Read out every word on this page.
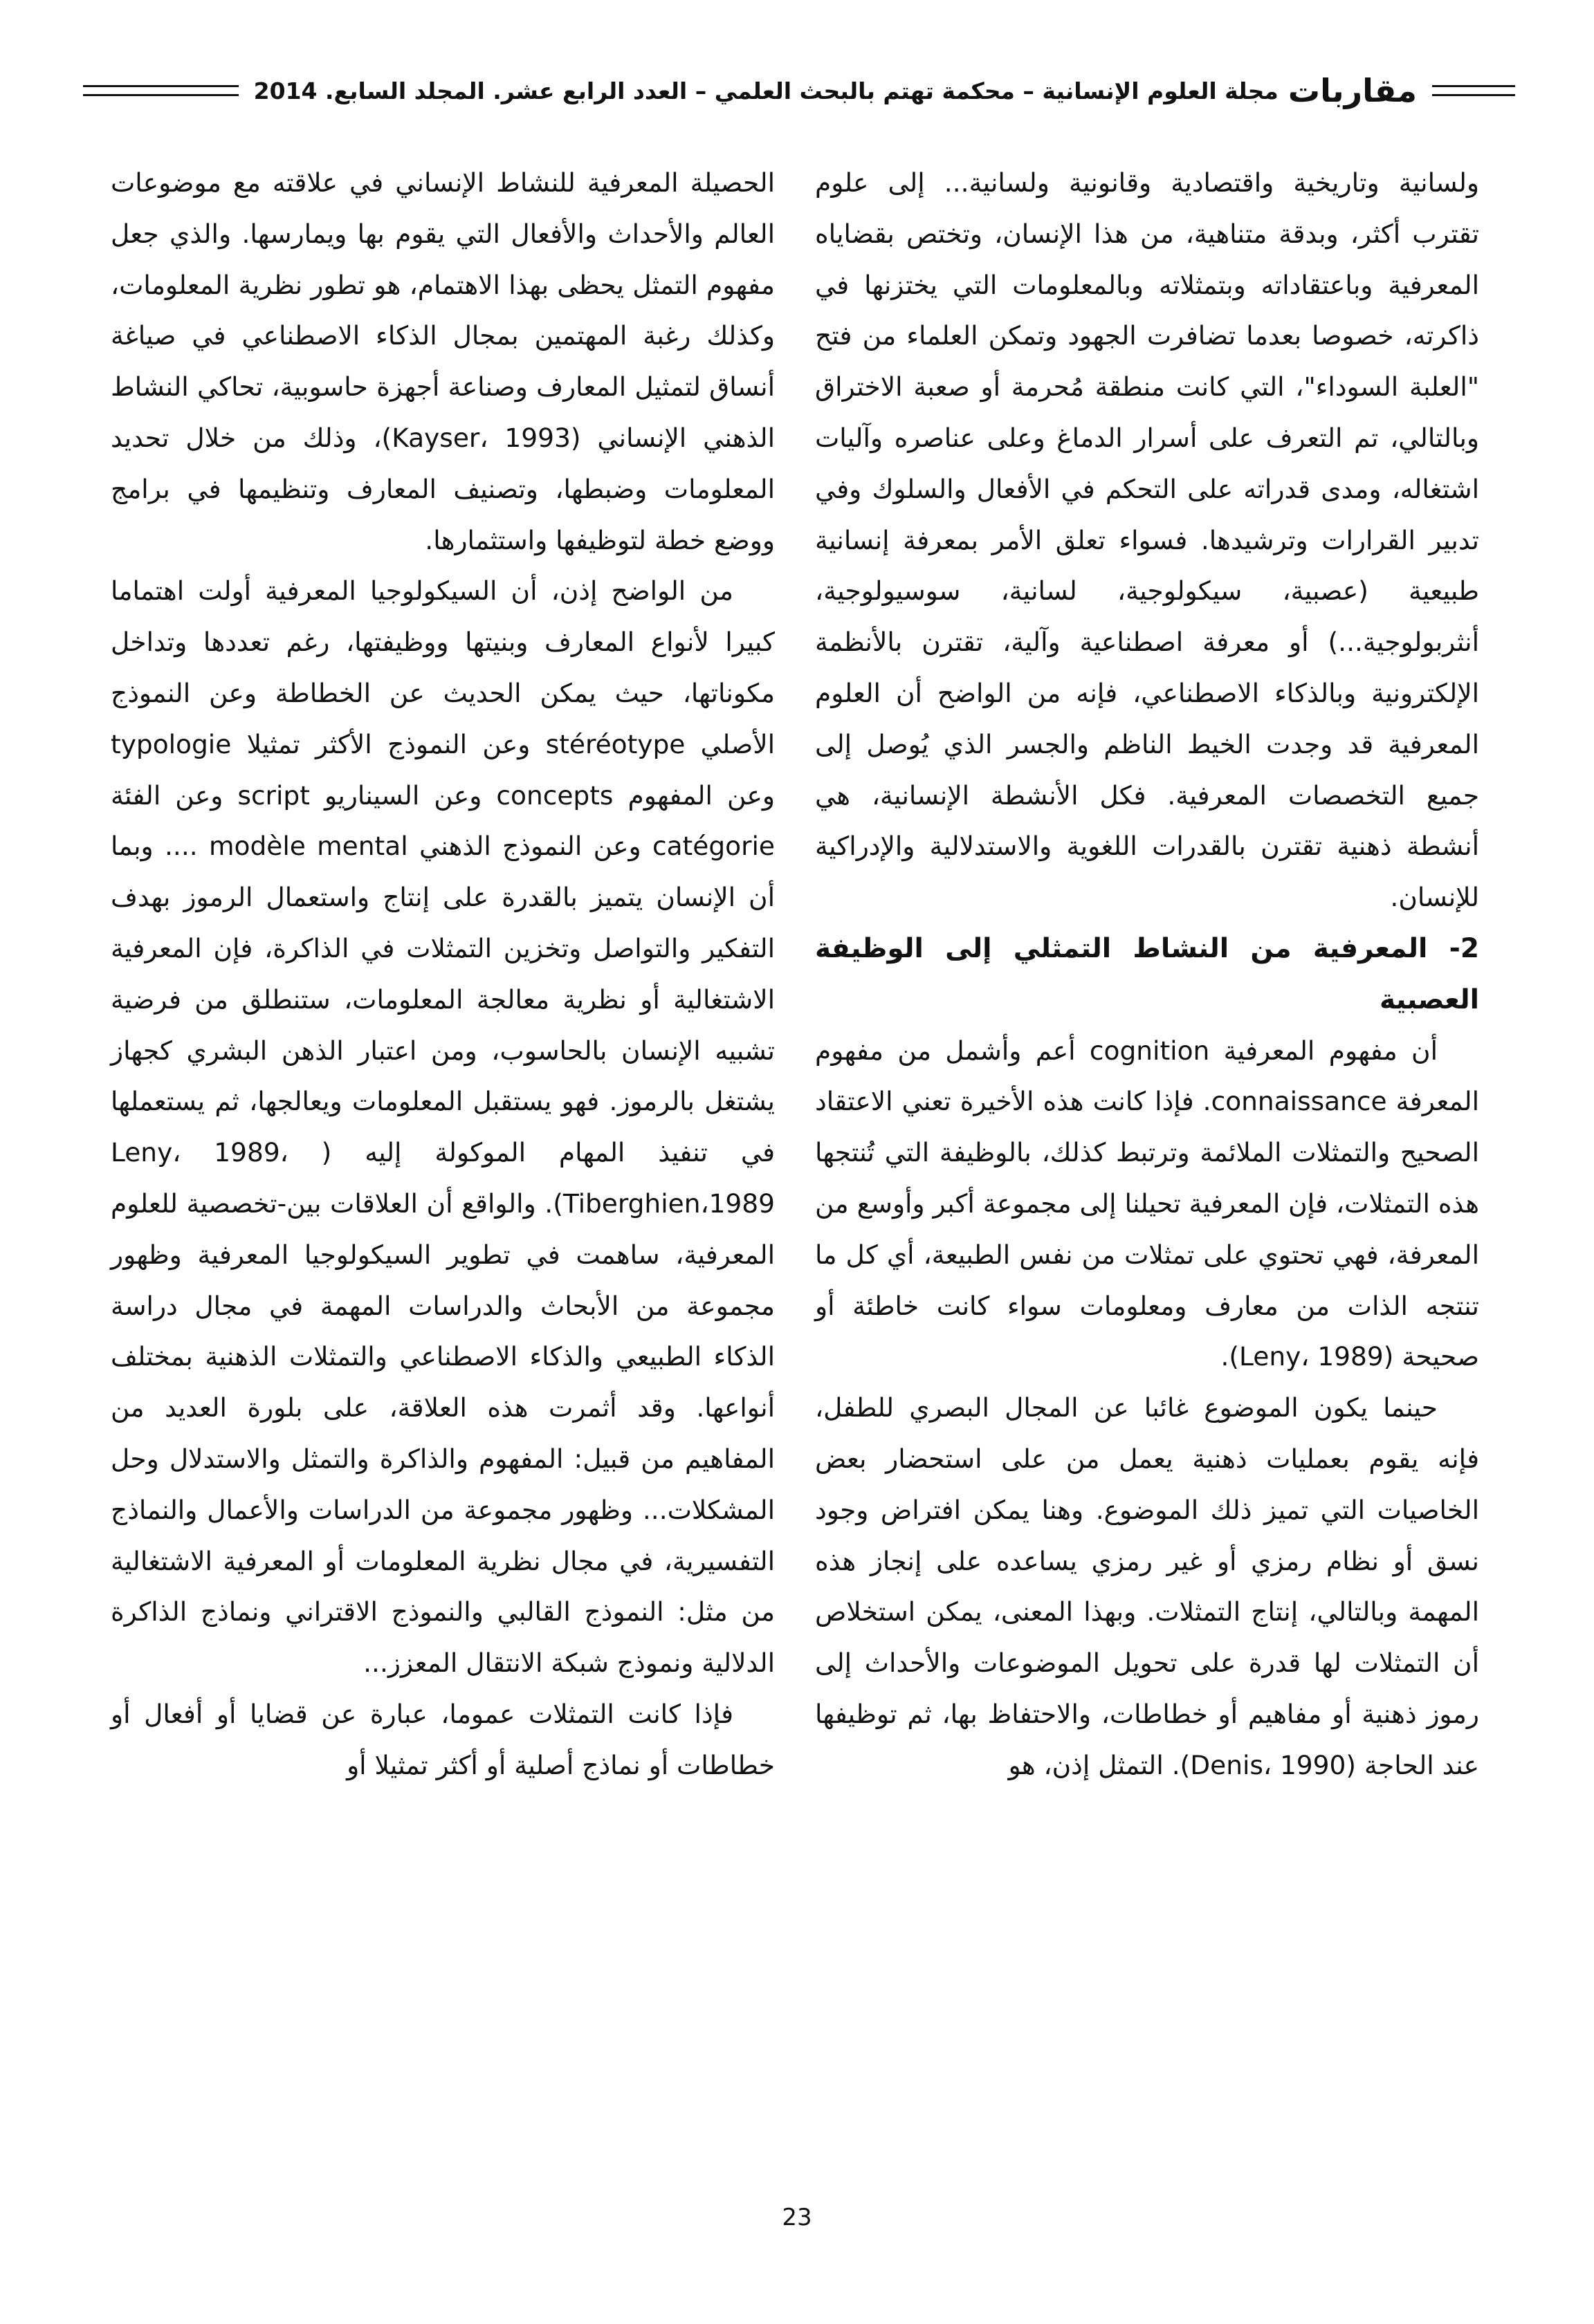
مقاربات
مجلة العلوم الإنسانية – محكمة تهتم بالبحث العلمي – العدد الرابع عشر. المجلد السابع. 2014

ولسانية وتاريخية واقتصادية وقانونية ولسانية... إلى علوم تقترب أكثر، وبدقة متناهية، من هذا الإنسان، وتختص بقضاياه المعرفية وباعتقاداته وبتمثلاته وبالمعلومات التي يختزنها في ذاكرته، خصوصا بعدما تضافرت الجهود وتمكن العلماء من فتح "العلبة السوداء"، التي كانت منطقة مُحرمة أو صعبة الاختراق وبالتالي، تم التعرف على أسرار الدماغ وعلى عناصره وآليات اشتغاله، ومدى قدراته على التحكم في الأفعال والسلوك وفي تدبير القرارات وترشيدها. فسواء تعلق الأمر بمعرفة إنسانية طبيعية (عصبية، سيكولوجية، لسانية، سوسيولوجية، أنثربولوجية...) أو معرفة اصطناعية وآلية، تقترن بالأنظمة الإلكترونية وبالذكاء الاصطناعي، فإنه من الواضح أن العلوم المعرفية قد وجدت الخيط الناظم والجسر الذي يُوصل إلى جميع التخصصات المعرفية. فكل الأنشطة الإنسانية، هي أنشطة ذهنية تقترن بالقدرات اللغوية والاستدلالية والإدراكية للإنسان.

2- المعرفية من النشاط التمثلي إلى الوظيفة العصبية

أن مفهوم المعرفية cognition أعم وأشمل من مفهوم المعرفة connaissance. فإذا كانت هذه الأخيرة تعني الاعتقاد الصحيح والتمثلات الملائمة وترتبط كذلك، بالوظيفة التي تُنتجها هذه التمثلات، فإن المعرفية تحيلنا إلى مجموعة أكبر وأوسع من المعرفة، فهي تحتوي على تمثلات من نفس الطبيعة، أي كل ما تنتجه الذات من معارف ومعلومات سواء كانت خاطئة أو صحيحة (Leny، 1989).

حينما يكون الموضوع غائبا عن المجال البصري للطفل، فإنه يقوم بعمليات ذهنية يعمل من على استحضار بعض الخاصيات التي تميز ذلك الموضوع. وهنا يمكن افتراض وجود نسق أو نظام رمزي أو غير رمزي يساعده على إنجاز هذه المهمة وبالتالي، إنتاج التمثلات. وبهذا المعنى، يمكن استخلاص أن التمثلات لها قدرة على تحويل الموضوعات والأحداث إلى رموز ذهنية أو مفاهيم أو خطاطات، والاحتفاظ بها، ثم توظيفها عند الحاجة (Denis، 1990). التمثل إذن، هو

الحصيلة المعرفية للنشاط الإنساني في علاقته مع موضوعات العالم والأحداث والأفعال التي يقوم بها ويمارسها. والذي جعل مفهوم التمثل يحظى بهذا الاهتمام، هو تطور نظرية المعلومات، وكذلك رغبة المهتمين بمجال الذكاء الاصطناعي في صياغة أنساق لتمثيل المعارف وصناعة أجهزة حاسوبية، تحاكي النشاط الذهني الإنساني (Kayser، 1993)، وذلك من خلال تحديد المعلومات وضبطها، وتصنيف المعارف وتنظيمها في برامج ووضع خطة لتوظيفها واستثمارها.

من الواضح إذن، أن السيكولوجيا المعرفية أولت اهتماما كبيرا لأنواع المعارف وبنيتها ووظيفتها، رغم تعددها وتداخل مكوناتها، حيث يمكن الحديث عن الخطاطة وعن النموذج الأصلي stéréotype وعن النموذج الأكثر تمثيلا typologie وعن المفهوم concepts وعن السيناريو script وعن الفئة catégorie وعن النموذج الذهني modèle mental .... وبما أن الإنسان يتميز بالقدرة على إنتاج واستعمال الرموز بهدف التفكير والتواصل وتخزين التمثلات في الذاكرة، فإن المعرفية الاشتغالية أو نظرية معالجة المعلومات، ستنطلق من فرضية تشبيه الإنسان بالحاسوب، ومن اعتبار الذهن البشري كجهاز يشتغل بالرموز. فهو يستقبل المعلومات ويعالجها، ثم يستعملها في تنفيذ المهام الموكولة إليه ( Leny، 1989، Tiberghien،1989). والواقع أن العلاقات بين-تخصصية للعلوم المعرفية، ساهمت في تطوير السيكولوجيا المعرفية وظهور مجموعة من الأبحاث والدراسات المهمة في مجال دراسة الذكاء الطبيعي والذكاء الاصطناعي والتمثلات الذهنية بمختلف أنواعها. وقد أثمرت هذه العلاقة، على بلورة العديد من المفاهيم من قبيل: المفهوم والذاكرة والتمثل والاستدلال وحل المشكلات... وظهور مجموعة من الدراسات والأعمال والنماذج التفسيرية، في مجال نظرية المعلومات أو المعرفية الاشتغالية من مثل: النموذج القالبي والنموذج الاقتراني ونماذج الذاكرة الدلالية ونموذج شبكة الانتقال المعزز...

فإذا كانت التمثلات عموما، عبارة عن قضايا أو أفعال أو خطاطات أو نماذج أصلية أو أكثر تمثيلا أو

23
